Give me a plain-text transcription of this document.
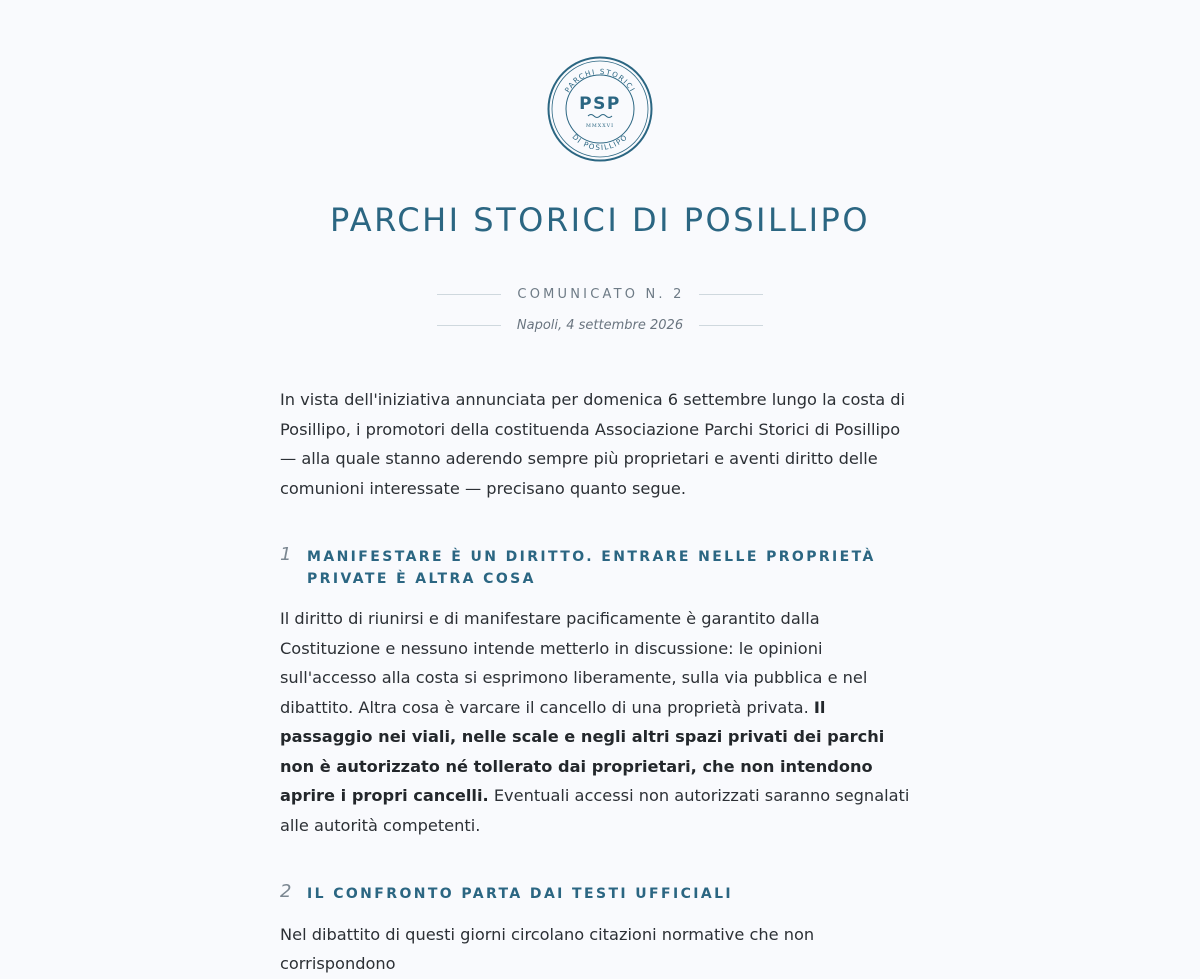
PARCHI STORICI
DI POSILLIPO
PSP
MMXXVI
PARCHI STORICI DI POSILLIPO
COMUNICATO N. 2
Napoli, 4 settembre 2026

In vista dell'iniziativa annunciata per domenica 6 settembre lungo la costa di Posillipo, i promotori della costituenda Associazione Parchi Storici di Posillipo — alla quale stanno aderendo sempre più proprietari e aventi diritto delle comunioni interessate — precisano quanto segue.

1	MANIFESTARE È UN DIRITTO. ENTRARE NELLE PROPRIETÀ PRIVATE È ALTRA COSA

Il diritto di riunirsi e di manifestare pacificamente è garantito dalla Costituzione e nessuno intende metterlo in discussione: le opinioni sull'accesso alla costa si esprimono liberamente, sulla via pubblica e nel dibattito. Altra cosa è varcare il cancello di una proprietà privata. Il passaggio nei viali, nelle scale e negli altri spazi privati dei parchi non è autorizzato né tollerato dai proprietari, che non intendono aprire i propri cancelli. Eventuali accessi non autorizzati saranno segnalati alle autorità competenti.

2	IL CONFRONTO PARTA DAI TESTI UFFICIALI

Nel dibattito di questi giorni circolano citazioni normative che non corrispondono
